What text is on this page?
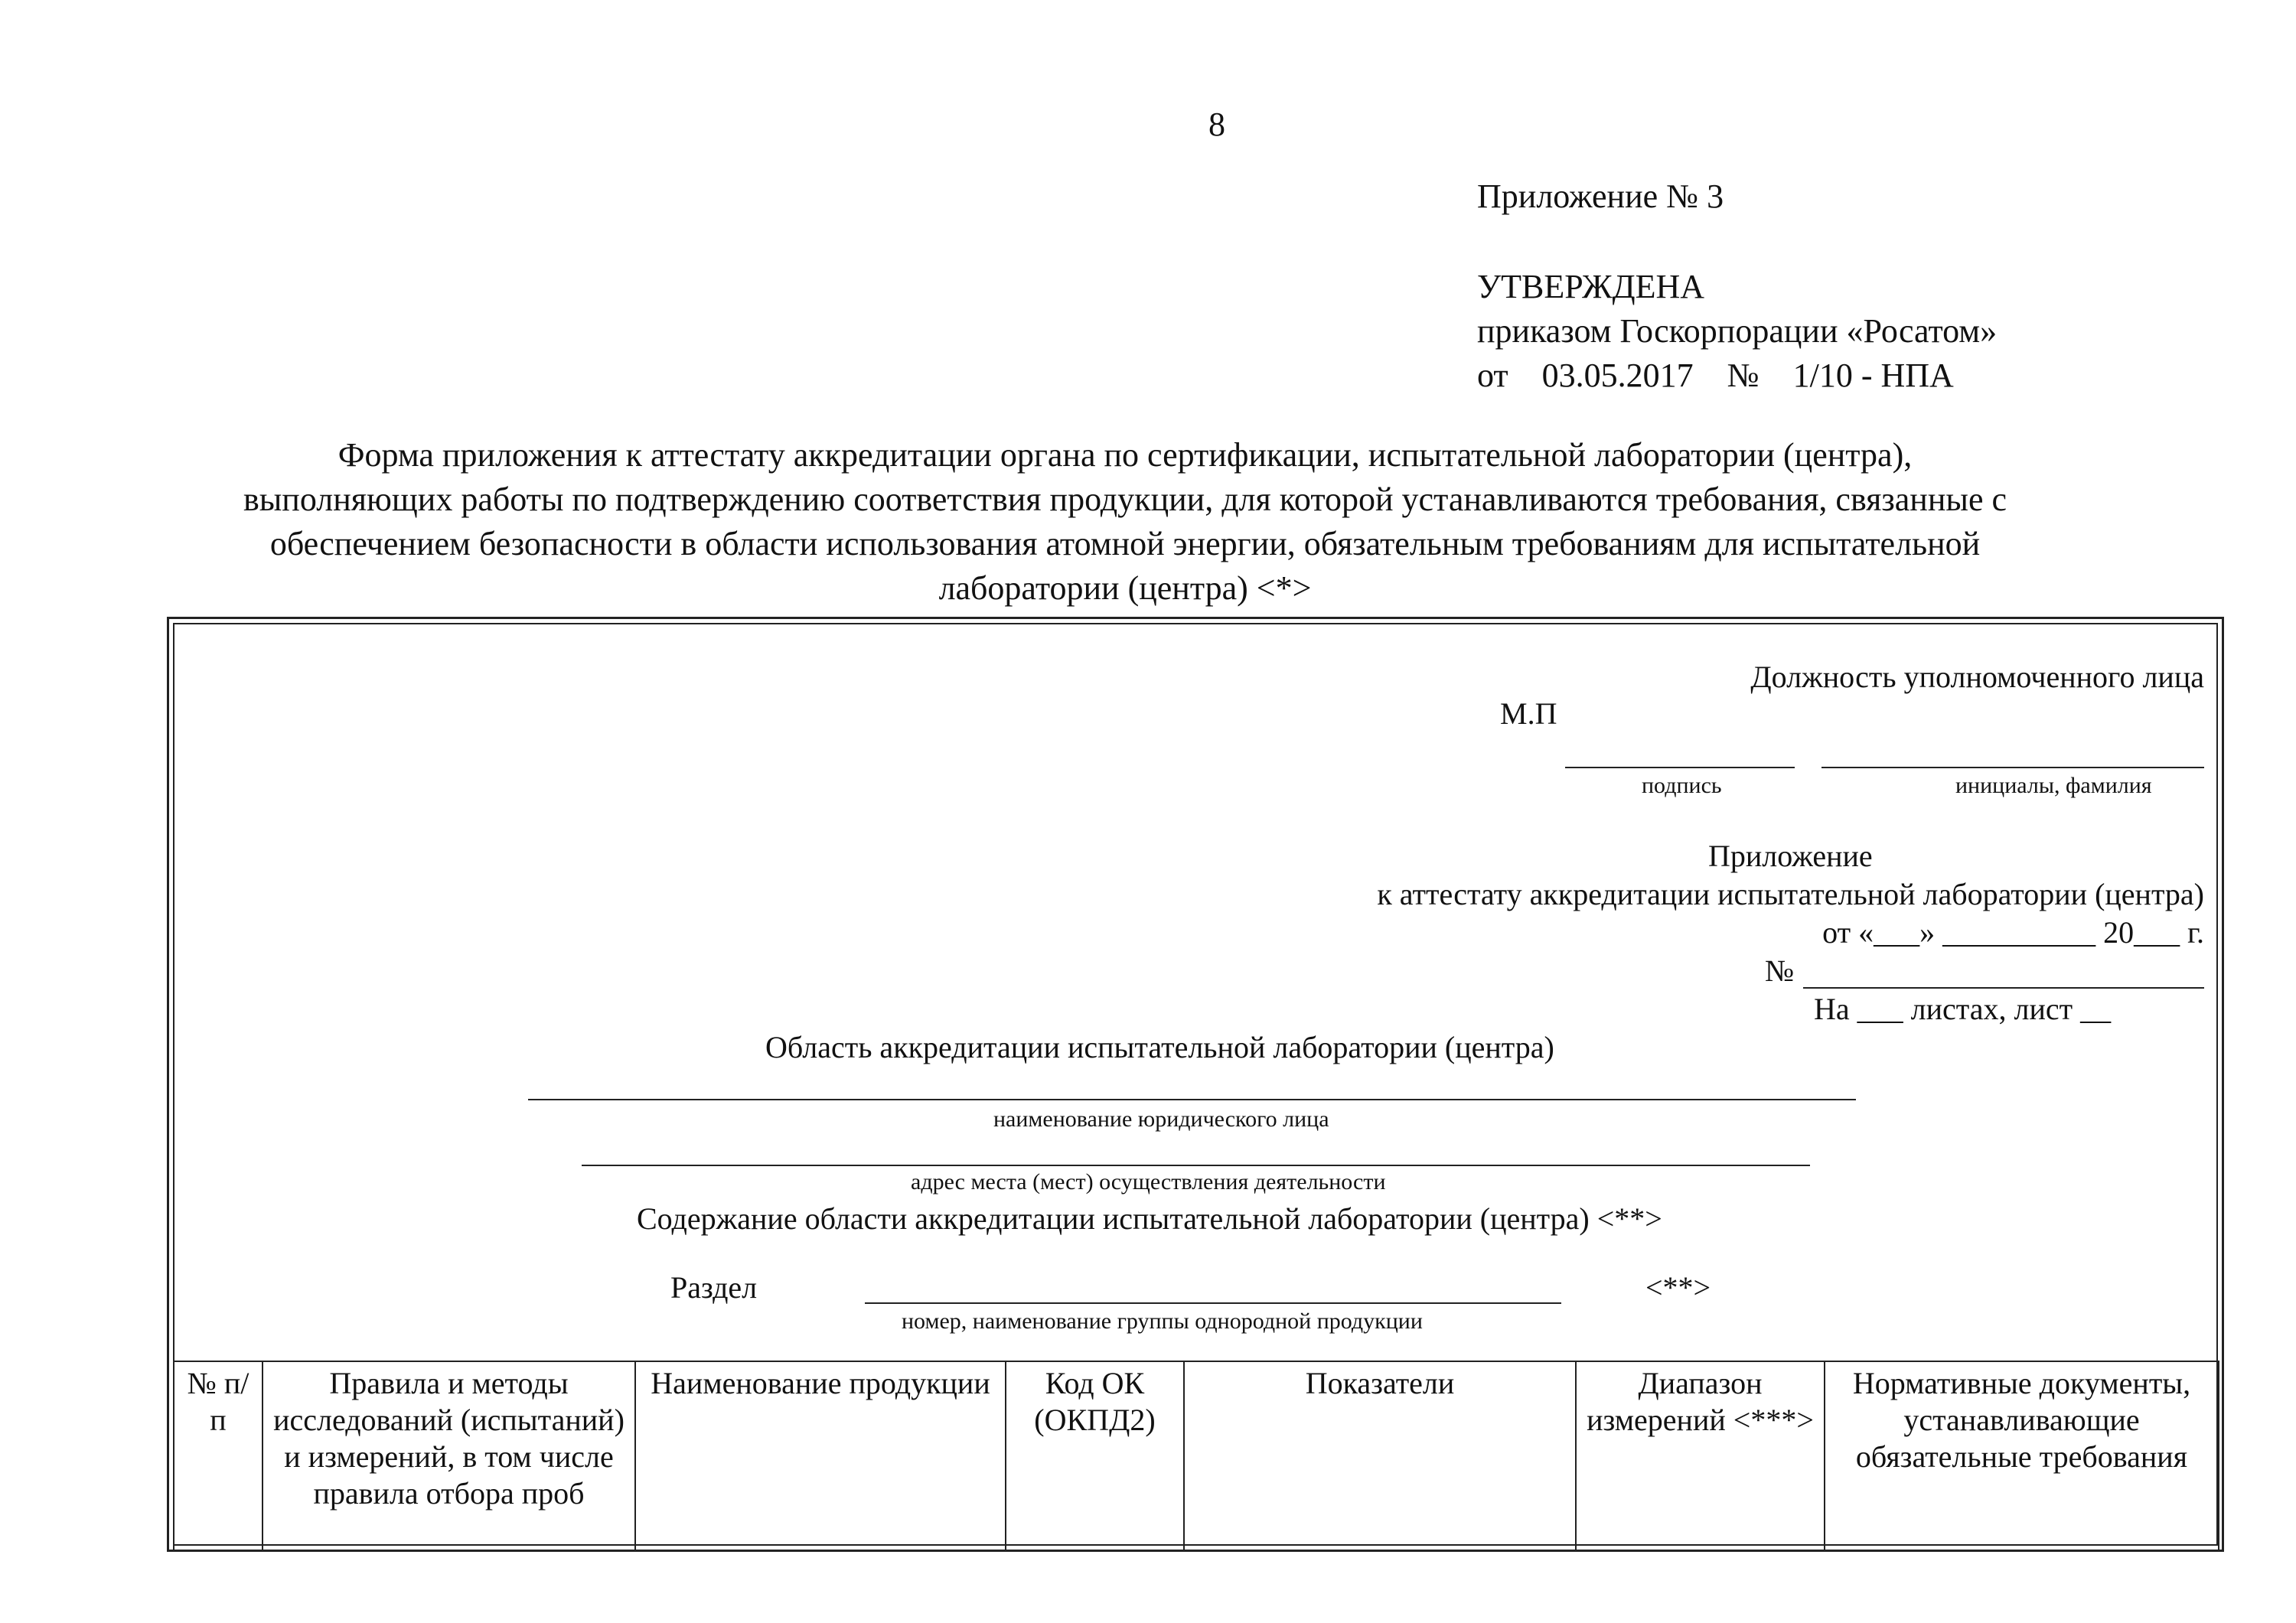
8
Приложение № 3
УТВЕРЖДЕНА
приказом Госкорпорации «Росатом»
от    03.05.2017    №    1/10 - НПА
Форма приложения к аттестату аккредитации органа по сертификации, испытательной лаборатории (центра),
выполняющих работы по подтверждению соответствия продукции, для которой устанавливаются требования, связанные с
обеспечением безопасности в области использования атомной энергии, обязательным требованиям для испытательной
лаборатории (центра) <*>
Должность уполномоченного лица
М.П
подпись	инициалы, фамилия
Приложение
к аттестату аккредитации испытательной лаборатории (центра)
от «___» __________ 20___ г.
№
На ___ листах, лист __
Область аккредитации испытательной лаборатории (центра)
наименование юридического лица
адрес места (мест) осуществления деятельности
Содержание области аккредитации испытательной лаборатории (центра) <**>
Раздел	<**>
номер, наименование группы однородной продукции
№ п/п	Правила и методы исследований (испытаний) и измерений, в том числе правила отбора проб	Наименование продукции	Код ОК (ОКПД2)	Показатели	Диапазон измерений <***>	Нормативные документы, устанавливающие обязательные требования
